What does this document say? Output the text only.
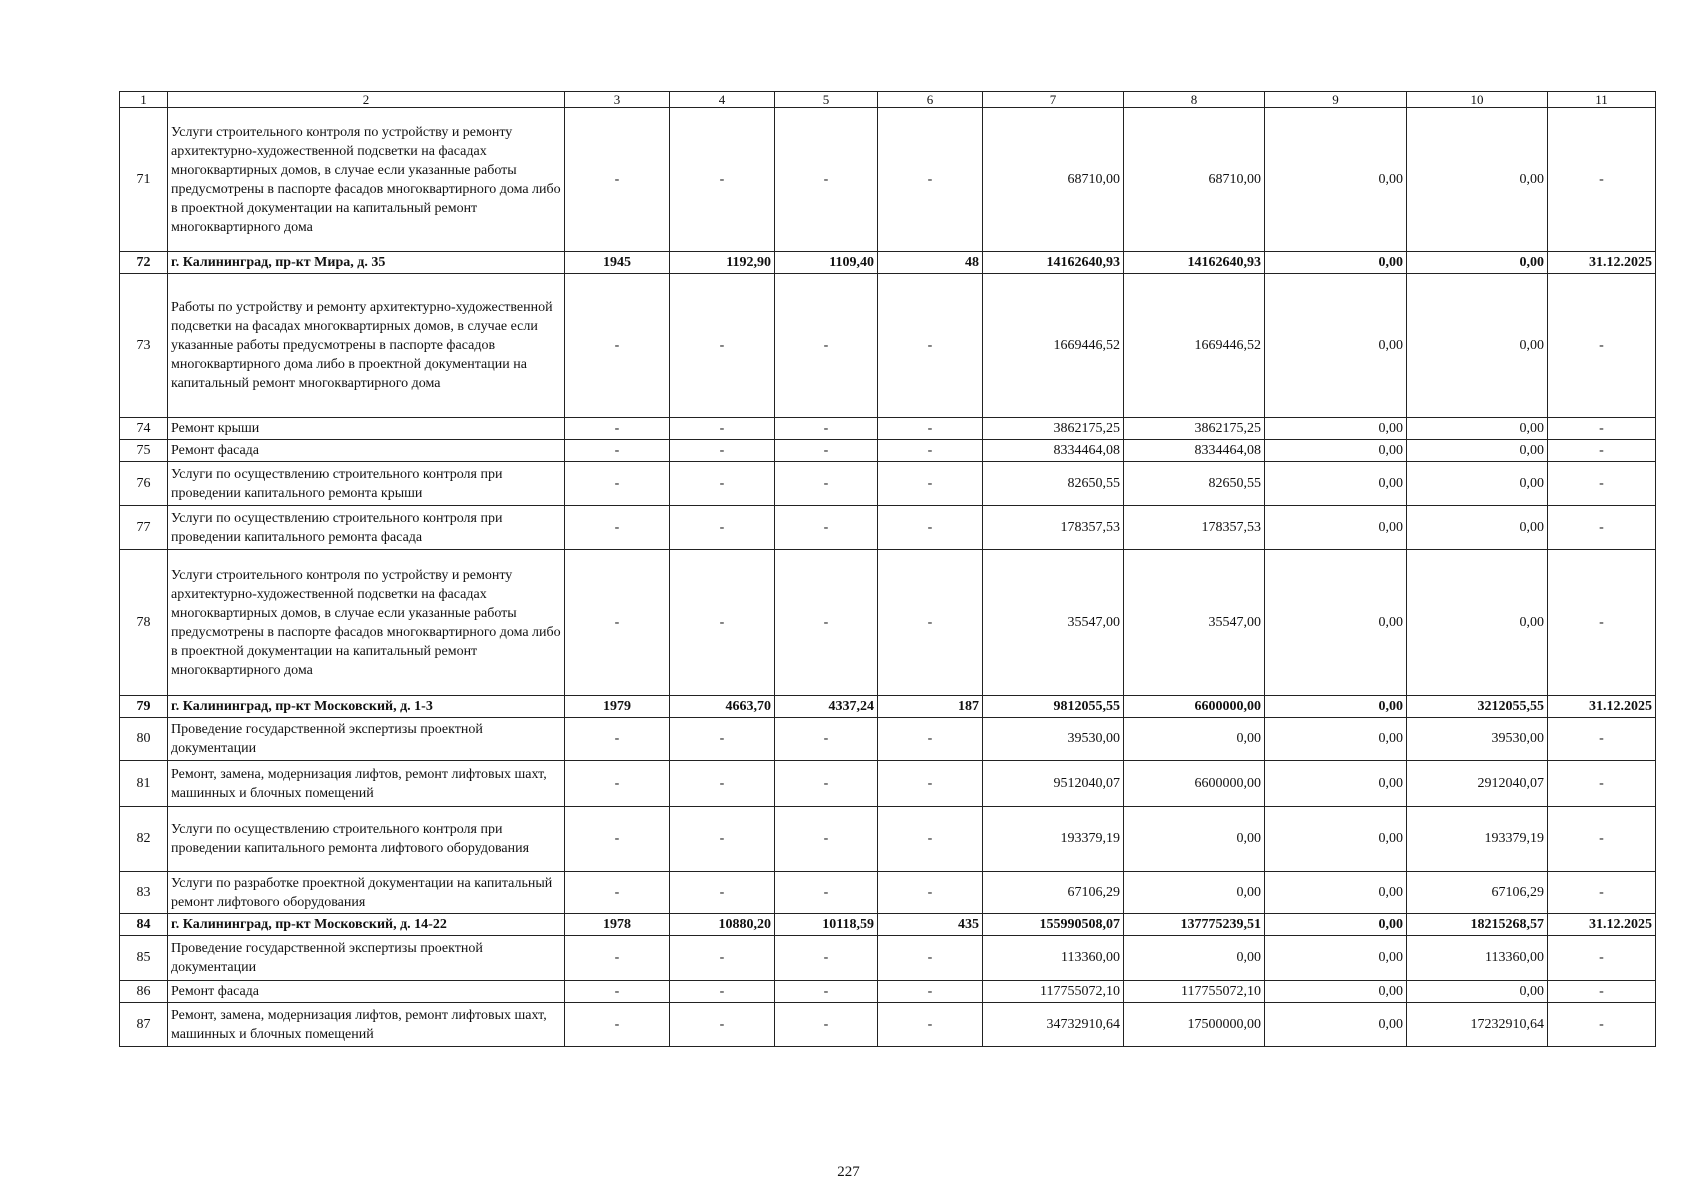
1	2	3	4	5	6	7	8	9	10	11
71	Услуги строительного контроля по устройству и ремонту архитектурно-художественной подсветки на фасадах многоквартирных домов, в случае если указанные работы предусмотрены в паспорте фасадов многоквартирного дома либо в проектной документации на капитальный ремонт многоквартирного дома	-	-	-	-	68710,00	68710,00	0,00	0,00	-
72	г. Калининград, пр-кт Мира, д. 35	1945	1192,90	1109,40	48	14162640,93	14162640,93	0,00	0,00	31.12.2025
73	Работы по устройству и ремонту архитектурно-художественной подсветки на фасадах многоквартирных домов, в случае если указанные работы предусмотрены в паспорте фасадов многоквартирного дома либо в проектной документации на капитальный ремонт многоквартирного дома	-	-	-	-	1669446,52	1669446,52	0,00	0,00	-
74	Ремонт крыши	-	-	-	-	3862175,25	3862175,25	0,00	0,00	-
75	Ремонт фасада	-	-	-	-	8334464,08	8334464,08	0,00	0,00	-
76	Услуги по осуществлению строительного контроля при проведении капитального ремонта крыши	-	-	-	-	82650,55	82650,55	0,00	0,00	-
77	Услуги по осуществлению строительного контроля при проведении капитального ремонта фасада	-	-	-	-	178357,53	178357,53	0,00	0,00	-
78	Услуги строительного контроля по устройству и ремонту архитектурно-художественной подсветки на фасадах многоквартирных домов, в случае если указанные работы предусмотрены в паспорте фасадов многоквартирного дома либо в проектной документации на капитальный ремонт многоквартирного дома	-	-	-	-	35547,00	35547,00	0,00	0,00	-
79	г. Калининград, пр-кт Московский, д. 1-3	1979	4663,70	4337,24	187	9812055,55	6600000,00	0,00	3212055,55	31.12.2025
80	Проведение государственной экспертизы проектной документации	-	-	-	-	39530,00	0,00	0,00	39530,00	-
81	Ремонт, замена, модернизация лифтов, ремонт лифтовых шахт, машинных и блочных помещений	-	-	-	-	9512040,07	6600000,00	0,00	2912040,07	-
82	Услуги по осуществлению строительного контроля при проведении капитального ремонта лифтового оборудования	-	-	-	-	193379,19	0,00	0,00	193379,19	-
83	Услуги по разработке проектной документации на капитальный ремонт лифтового оборудования	-	-	-	-	67106,29	0,00	0,00	67106,29	-
84	г. Калининград, пр-кт Московский, д. 14-22	1978	10880,20	10118,59	435	155990508,07	137775239,51	0,00	18215268,57	31.12.2025
85	Проведение государственной экспертизы проектной документации	-	-	-	-	113360,00	0,00	0,00	113360,00	-
86	Ремонт фасада	-	-	-	-	117755072,10	117755072,10	0,00	0,00	-
87	Ремонт, замена, модернизация лифтов, ремонт лифтовых шахт, машинных и блочных помещений	-	-	-	-	34732910,64	17500000,00	0,00	17232910,64	-
227
